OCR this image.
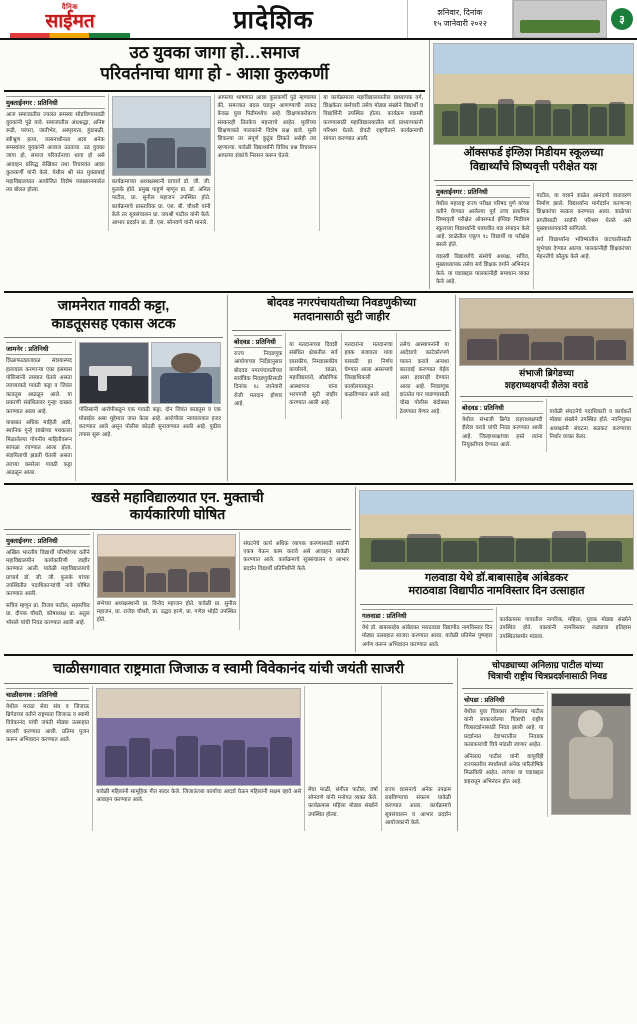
दैनिक
साईमत	प्रादेशिक	शनिवार, दिनांक
१५ जानेवारी २०२२	३
उठ युवका जागा हो…समाज
परिवर्तनाचा धागा हो - आशा कुलकर्णी
मुक्ताईनगर : प्रतिनिधी

आज समाजातील ज्वलंत समस्या सोडविण्यासाठी युवकांनी पुढे यावे. समाजातील अंधश्रद्धा, अनिष्ट रूढी, परंपरा, जातीभेद, अस्पृश्यता, हुंडाबळी, स्त्रीभ्रूण हत्या, व्यसनाधीनता अशा अनेक समस्यांवर युवकांनी आवाज उठवावा. उठ युवका जागा हो, समाज परिवर्तनाचा धागा हो असे आवाहन प्रसिद्ध लेखिका तथा विचारवंत आशा कुलकर्णी यांनी केले. येथील श्री संत मुक्ताबाई महाविद्यालयात आयोजित विशेष व्याख्यानमालेत त्या बोलत होत्या.

कार्यक्रमाच्या अध्यक्षस्थानी प्राचार्य डॉ. जी. जी. फुलके होते. प्रमुख पाहुणे म्हणून प्रा. डॉ. अनिल पाटील, प्रा. सुनील महाजन उपस्थित होते. कार्यक्रमाचे प्रास्ताविक प्रा. एस. बी. चौधरी यांनी केले तर सूत्रसंचालन प्रा. जयश्री पाटील यांनी केले. आभार प्रदर्शन प्रा. डी. एस. सोनवणे यांनी मानले.

आपल्या भाषणात आशा कुलकर्णी पुढे म्हणाल्या की, समाजात बदल घडवून आणण्याची ताकद केवळ युवा पिढीमध्येच आहे. शिक्षणाबरोबरच संस्कारही तितकेच महत्त्वाचे आहेत. मुलींच्या शिक्षणाकडे पालकांनी विशेष लक्ष द्यावे. मुली शिकल्या तर संपूर्ण कुटुंब शिकते असेही त्या म्हणाल्या. यावेळी विद्यार्थ्यांनी विविध प्रश्न विचारून आपल्या शंकांचे निरसन करून घेतले.

या कार्यक्रमाला महाविद्यालयातील प्राध्यापक वर्ग, शिक्षकेतर कर्मचारी तसेच मोठ्या संख्येने विद्यार्थी व विद्यार्थिनी उपस्थित होत्या. कार्यक्रम यशस्वी करण्यासाठी महाविद्यालयातील सर्व प्राध्यापकांनी परिश्रम घेतले. शेवटी राष्ट्रगीताने कार्यक्रमाची सांगता करण्यात आली.

ऑक्सफर्ड इंग्लिश मिडीयम स्कूलच्या
विद्यार्थ्यांचे शिष्यवृत्ती परीक्षेत यश
मुक्ताईनगर : प्रतिनिधी

येथील महाराष्ट्र राज्य परीक्षा परिषद पुणे यांच्या वतीने घेण्यात आलेल्या पूर्व उच्च प्राथमिक शिष्यवृत्ती परीक्षेत ऑक्सफर्ड इंग्लिश मिडीयम स्कूलच्या विद्यार्थ्यांनी घवघवीत यश संपादन केले आहे. शाळेतील एकूण १८ विद्यार्थी या परीक्षेस बसले होते.

यशस्वी विद्यार्थ्यांचे संस्थेचे अध्यक्ष, सचिव, मुख्याध्यापक तसेच सर्व शिक्षक वर्गाने अभिनंदन केले. या यशाबद्दल पालकांनीही समाधान व्यक्त केले आहे.

पाटील, या यशाने शाळेत आनंदाचे वातावरण निर्माण झाले. विद्यार्थ्यांना मार्गदर्शन करणाऱ्या शिक्षकांचा सत्कार करण्यात आला. शाळेच्या प्रगतीसाठी सर्वांनी परिश्रम घेतले असे मुख्याध्यापकांनी सांगितले.

सर्व विद्यार्थ्यांना भविष्यातील वाटचालीसाठी शुभेच्छा देण्यात आल्या. पालकांनीही शिक्षकांच्या मेहनतीचे कौतुक केले आहे.

जामनेरात गावठी कट्टा,
काडतूससह एकास अटक
जामनेर : प्रतिनिधी

शिळाफाट्याजवळ संशयास्पद हालचाल करणाऱ्या एका इसमास पोलिसांनी ताब्यात घेतले असता त्याच्याकडे गावठी कट्टा व जिवंत काडतूस आढळून आले. या प्रकरणी संबंधितावर गुन्हा दाखल करण्यात आला आहे.

याबाबत अधिक माहिती अशी, स्थानिक गुन्हे शाखेच्या पथकाला मिळालेल्या गोपनीय माहितीवरून सापळा रचण्यात आला होता. संशयिताची झडती घेतली असता त्याच्या कमरेला गावठी कट्टा आढळून आला.

पोलिसांनी आरोपीकडून एक गावठी कट्टा, दोन जिवंत काडतूस व एक मोबाईल असा मुद्देमाल जप्त केला आहे. आरोपीला न्यायालयात हजर करण्यात आले असून पोलीस कोठडी सुनावण्यात आली आहे. पुढील तपास सुरू आहे.

बोदवड नगरपंचायतीच्या निवडणुकीच्या
मतदानासाठी सुटी जाहीर
बोदवड : प्रतिनिधी

राज्य निवडणूक आयोगाच्या निर्देशानुसार बोदवड नगरपंचायतीच्या सार्वत्रिक निवडणुकीसाठी दिनांक १८ जानेवारी रोजी मतदान होणार आहे.

या मतदानाच्या दिवशी संबंधित क्षेत्रातील सर्व शासकीय, निमशासकीय कार्यालये, शाळा, महाविद्यालये, औद्योगिक आस्थापना यांना भरपगारी सुटी जाहीर करण्यात आली आहे.

मतदारांना मतदानाचा हक्क बजावता यावा यासाठी हा निर्णय घेण्यात आला असल्याचे जिल्हाधिकारी कार्यालयाकडून कळविण्यात आले आहे.

तसेच आस्थापनांनी या आदेशाचे काटेकोरपणे पालन करावे अन्यथा कारवाई करण्यात येईल असा इशाराही देण्यात आला आहे. निवडणूक शांततेत पार पाडण्यासाठी चोख पोलीस बंदोबस्त ठेवण्यात येणार आहे.

संभाजी ब्रिगेडच्या
शहराध्यक्षपदी शैलेश वराडे
बोदवड : प्रतिनिधी

येथील संभाजी ब्रिगेड शहराध्यक्षपदी शैलेश वराडे यांची निवड करण्यात आली आहे. जिल्हाध्यक्षांच्या हस्ते त्यांना नियुक्तीपत्र देण्यात आले.

यावेळी संघटनेचे पदाधिकारी व कार्यकर्ते मोठ्या संख्येने उपस्थित होते. नवनियुक्त अध्यक्षांनी संघटना बळकट करण्याचा निर्धार व्यक्त केला.

खडसे महाविद्यालयात एन. मुक्ताची
कार्यकारिणी घोषित
मुक्ताईनगर : प्रतिनिधी

अखिल भारतीय विद्यार्थी परिषदेच्या वतीने महाविद्यालयीन कार्यकारिणी जाहीर करण्यात आली. यावेळी महाविद्यालयाचे प्राचार्य डॉ. जी. जी. फुलके यांच्या उपस्थितीत पदाधिकाऱ्यांची नावे घोषित करण्यात आली.

सचिव म्हणून प्रा. विजय पाटील, सहसचिव प्रा. दीपक चौधरी, कोषाध्यक्ष प्रा. अतुल भोसले यांची निवड करण्यात आली आहे.

सभेच्या अध्यक्षस्थानी प्रा. विनोद महाजन होते. यावेळी प्रा. सुनील महाजन, प्रा. राजेश चौधरी, प्रा. उद्धव हरणे, प्रा. गणेश भोईटे उपस्थित होते.

संघटनेचे कार्य अधिक व्यापक करण्यासाठी सर्वांनी एकत्र येऊन काम करावे असे आवाहन यावेळी करण्यात आले. कार्यक्रमाचे सूत्रसंचालन व आभार प्रदर्शन विद्यार्थी प्रतिनिधींनी केले.

गलवाडा येथे डॉ.बाबासाहेब आंबेडकर
मराठवाडा विद्यापीठ नामविस्तार दिन उत्साहात
गलवाडा : प्रतिनिधी

येथे डॉ. बाबासाहेब आंबेडकर मराठवाडा विद्यापीठ नामविस्तार दिन मोठ्या उत्साहात साजरा करण्यात आला. यावेळी प्रतिमेस पुष्पहार अर्पण करून अभिवादन करण्यात आले.

कार्यक्रमास गावातील नागरिक, महिला, युवक मोठ्या संख्येने उपस्थित होते. वक्त्यांनी नामविस्तार लढ्याचा इतिहास उपस्थितांसमोर मांडला.

चाळीसगावात राष्ट्रमाता जिजाऊ व स्वामी विवेकानंद यांची जयंती साजरी
चाळीसगाव : प्रतिनिधी

येथील मराठा सेवा संघ व जिजाऊ ब्रिगेडच्या वतीने राष्ट्रमाता जिजाऊ व स्वामी विवेकानंद यांची जयंती मोठ्या उत्साहात साजरी करण्यात आली. प्रतिमा पूजन करून अभिवादन करण्यात आले.

यावेळी महिलांनी सामूहिक गीत सादर केले. जिजाऊंच्या कार्याचा आदर्श घेऊन महिलांनी सक्षम व्हावे असे आवाहन करण्यात आले.

मेघा माळी, संगीता पाटील, वर्षा सोनवणे यांनी मनोगत व्यक्त केले. कार्यक्रमास महिला मोठ्या संख्येने उपस्थित होत्या.

राज्य शासनाचे अनेक उपक्रम राबविण्याचा संकल्प यावेळी करण्यात आला. कार्यक्रमाचे सूत्रसंचालन व आभार प्रदर्शन आयोजकांनी केले.

चोपड्याच्या अनिलाग्र पाटील यांच्या
चित्राची राष्ट्रीय चित्रप्रदर्शनासाठी निवड
चोपडा : प्रतिनिधी

येथील युवा चित्रकार अनिलाग्र पाटील यांनी साकारलेल्या चित्राची राष्ट्रीय चित्रप्रदर्शनासाठी निवड झाली आहे. या प्रदर्शनात देशभरातील निवडक कलाकारांची चित्रे मांडली जाणार आहेत.

अनिलाग्र पाटील यांनी यापूर्वीही राज्यस्तरीय स्पर्धांमध्ये अनेक पारितोषिके मिळविली आहेत. त्यांच्या या यशाबद्दल शहरातून अभिनंदन होत आहे.
